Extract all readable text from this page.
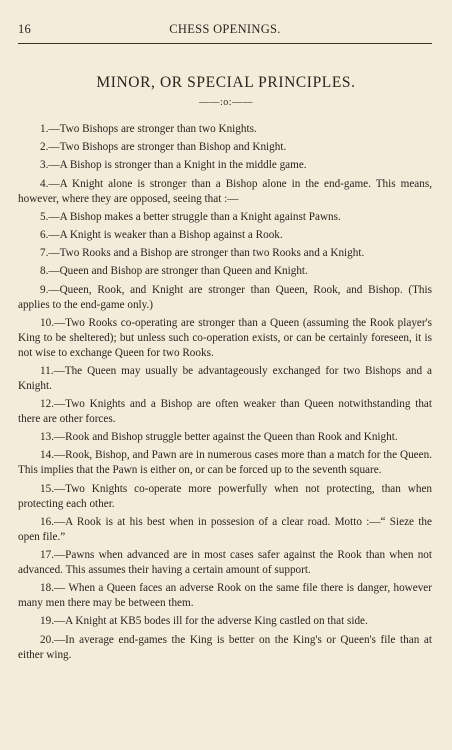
16	CHESS OPENINGS.
MINOR, OR SPECIAL PRINCIPLES.
——:o:——
1.—Two Bishops are stronger than two Knights.
2.—Two Bishops are stronger than Bishop and Knight.
3.—A Bishop is stronger than a Knight in the middle game.
4.—A Knight alone is stronger than a Bishop alone in the end-game. This means, however, where they are opposed, seeing that :—
5.—A Bishop makes a better struggle than a Knight against Pawns.
6.—A Knight is weaker than a Bishop against a Rook.
7.—Two Rooks and a Bishop are stronger than two Rooks and a Knight.
8.—Queen and Bishop are stronger than Queen and Knight.
9.—Queen, Rook, and Knight are stronger than Queen, Rook, and Bishop. (This applies to the end-game only.)
10.—Two Rooks co-operating are stronger than a Queen (assuming the Rook player's King to be sheltered); but unless such co-operation exists, or can be certainly foreseen, it is not wise to exchange Queen for two Rooks.
11.—The Queen may usually be advantageously exchanged for two Bishops and a Knight.
12.—Two Knights and a Bishop are often weaker than Queen notwithstanding that there are other forces.
13.—Rook and Bishop struggle better against the Queen than Rook and Knight.
14.—Rook, Bishop, and Pawn are in numerous cases more than a match for the Queen. This implies that the Pawn is either on, or can be forced up to the seventh square.
15.—Two Knights co-operate more powerfully when not protecting, than when protecting each other.
16.—A Rook is at his best when in possesion of a clear road. Motto :—“ Sieze the open file.”
17.—Pawns when advanced are in most cases safer against the Rook than when not advanced. This assumes their having a certain amount of support.
18.— When a Queen faces an adverse Rook on the same file there is danger, however many men there may be between them.
19.—A Knight at KB5 bodes ill for the adverse King castled on that side.
20.—In average end-games the King is better on the King's or Queen's file than at either wing.
